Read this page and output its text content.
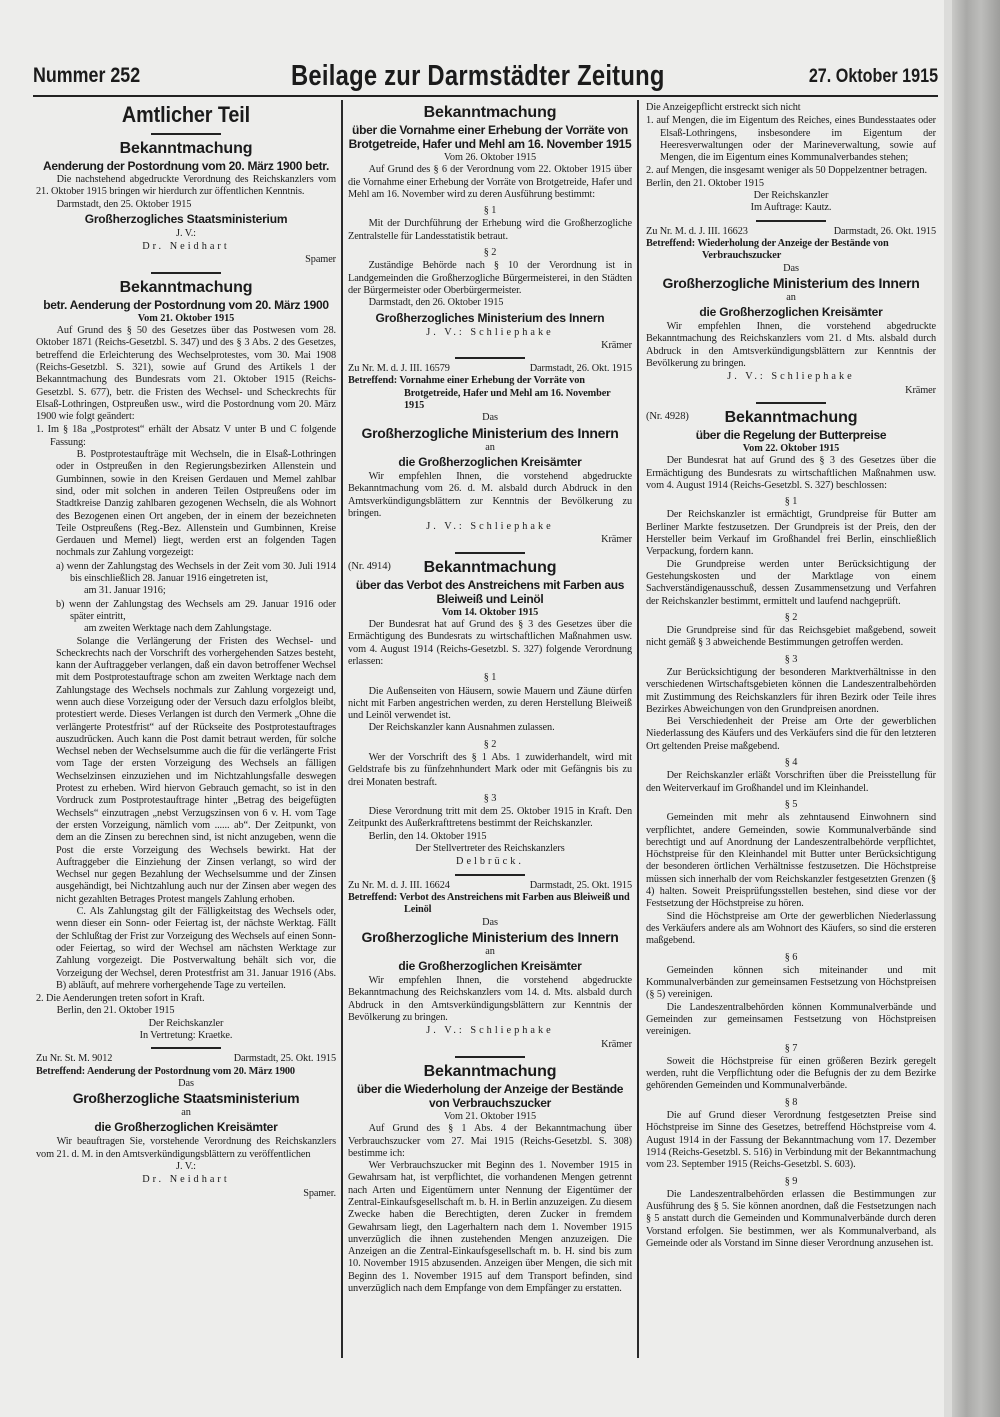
Nummer 252	Beilage zur Darmstädter Zeitung	27. Oktober 1915
Amtlicher Teil
Bekanntmachung
Aenderung der Postordnung vom 20. März 1900 betr.
Die nachstehend abgedruckte Verordnung des Reichskanzlers vom 21. Oktober 1915 bringen wir hierdurch zur öffentlichen Kenntnis.
Darmstadt, den 25. Oktober 1915
Großherzogliches Staatsministerium
J. V.:
Dr. Neidhart
Spamer
Bekanntmachung
betr. Aenderung der Postordnung vom 20. März 1900
Vom 21. Oktober 1915
Auf Grund des § 50 des Gesetzes über das Postwesen vom 28. Oktober 1871 (Reichs-Gesetzbl. S. 347) und des § 3 Abs. 2 des Gesetzes, betreffend die Erleichterung des Wechselprotestes, vom 30. Mai 1908 (Reichs-Gesetzbl. S. 321), sowie auf Grund des Artikels 1 der Bekanntmachung des Bundesrats vom 21. Oktober 1915 (Reichs-Gesetzbl. S. 677), betr. die Fristen des Wechsel- und Scheckrechts für Elsaß-Lothringen, Ostpreußen usw., wird die Postordnung vom 20. März 1900 wie folgt geändert:
1. Im § 18a „Postprotest“ erhält der Absatz V unter B und C folgende Fassung:
B. Postprotestaufträge mit Wechseln, die in Elsaß-Lothringen oder in Ostpreußen in den Regierungsbezirken Allenstein und Gumbinnen, sowie in den Kreisen Gerdauen und Memel zahlbar sind, oder mit solchen in anderen Teilen Ostpreußens oder im Stadtkreise Danzig zahlbaren gezogenen Wechseln, die als Wohnort des Bezogenen einen Ort angeben, der in einem der bezeichneten Teile Ostpreußens (Reg.-Bez. Allenstein und Gumbinnen, Kreise Gerdauen und Memel) liegt, werden erst an folgenden Tagen nochmals zur Zahlung vorgezeigt:
a) wenn der Zahlungstag des Wechsels in der Zeit vom 30. Juli 1914 bis einschließlich 28. Januar 1916 eingetreten ist,
am 31. Januar 1916;
b) wenn der Zahlungstag des Wechsels am 29. Januar 1916 oder später eintritt,
am zweiten Werktage nach dem Zahlungstage.
Solange die Verlängerung der Fristen des Wechsel- und Scheckrechts nach der Vorschrift des vorhergehenden Satzes besteht, kann der Auftraggeber verlangen, daß ein davon betroffener Wechsel mit dem Postprotestauftrage schon am zweiten Werktage nach dem Zahlungstage des Wechsels nochmals zur Zahlung vorgezeigt und, wenn auch diese Vorzeigung oder der Versuch dazu erfolglos bleibt, protestiert werde. Dieses Verlangen ist durch den Vermerk „Ohne die verlängerte Protestfrist“ auf der Rückseite des Postprotestauftrages auszudrücken. Auch kann die Post damit betraut werden, für solche Wechsel neben der Wechselsumme auch die für die verlängerte Frist vom Tage der ersten Vorzeigung des Wechsels an fälligen Wechselzinsen einzuziehen und im Nichtzahlungsfalle deswegen Protest zu erheben. Wird hiervon Gebrauch gemacht, so ist in den Vordruck zum Postprotestauftrage hinter „Betrag des beigefügten Wechsels“ einzutragen „nebst Verzugszinsen von 6 v. H. vom Tage der ersten Vorzeigung, nämlich vom ...... ab“. Der Zeitpunkt, von dem an die Zinsen zu berechnen sind, ist nicht anzugeben, wenn die Post die erste Vorzeigung des Wechsels bewirkt. Hat der Auftraggeber die Einziehung der Zinsen verlangt, so wird der Wechsel nur gegen Bezahlung der Wechselsumme und der Zinsen ausgehändigt, bei Nichtzahlung auch nur der Zinsen aber wegen des nicht gezahlten Betrages Protest mangels Zahlung erhoben.
C. Als Zahlungstag gilt der Fälligkeitstag des Wechsels oder, wenn dieser ein Sonn- oder Feiertag ist, der nächste Werktag. Fällt der Schlußtag der Frist zur Vorzeigung des Wechsels auf einen Sonn- oder Feiertag, so wird der Wechsel am nächsten Werktage zur Zahlung vorgezeigt. Die Postverwaltung behält sich vor, die Vorzeigung der Wechsel, deren Protestfrist am 31. Januar 1916 (Abs. B) abläuft, auf mehrere vorhergehende Tage zu verteilen.
2. Die Aenderungen treten sofort in Kraft.
Berlin, den 21. Oktober 1915
Der Reichskanzler
In Vertretung: Kraetke.
Zu Nr. St. M. 9012	Darmstadt, 25. Okt. 1915
Betreffend: Aenderung der Postordnung vom 20. März 1900
Das
Großherzogliche Staatsministerium
an
die Großherzoglichen Kreisämter
Wir beauftragen Sie, vorstehende Verordnung des Reichskanzlers vom 21. d. M. in den Amtsverkündigungsblättern zu veröffentlichen
J. V.:
Dr. Neidhart
Spamer.
Bekanntmachung
über die Vornahme einer Erhebung der Vorräte von Brotgetreide, Hafer und Mehl am 16. November 1915
Vom 26. Oktober 1915
Auf Grund des § 6 der Verordnung vom 22. Oktober 1915 über die Vornahme einer Erhebung der Vorräte von Brotgetreide, Hafer und Mehl am 16. November wird zu deren Ausführung bestimmt:
§ 1
Mit der Durchführung der Erhebung wird die Großherzogliche Zentralstelle für Landesstatistik betraut.
§ 2
Zuständige Behörde nach § 10 der Verordnung ist in Landgemeinden die Großherzogliche Bürgermeisterei, in den Städten der Bürgermeister oder Oberbürgermeister.
Darmstadt, den 26. Oktober 1915
Großherzogliches Ministerium des Innern
J. V.: Schliephake
Krämer
Zu Nr. M. d. J. III. 16579	Darmstadt, 26. Okt. 1915
Betreffend: Vornahme einer Erhebung der Vorräte von Brotgetreide, Hafer und Mehl am 16. November 1915
Das
Großherzogliche Ministerium des Innern
an
die Großherzoglichen Kreisämter
Wir empfehlen Ihnen, die vorstehend abgedruckte Bekanntmachung vom 26. d. M. alsbald durch Abdruck in den Amtsverkündigungsblättern zur Kenntnis der Bevölkerung zu bringen.
J. V.: Schliephake
Krämer
(Nr. 4914) Bekanntmachung
über das Verbot des Anstreichens mit Farben aus Bleiweiß und Leinöl
Vom 14. Oktober 1915
Der Bundesrat hat auf Grund des § 3 des Gesetzes über die Ermächtigung des Bundesrats zu wirtschaftlichen Maßnahmen usw. vom 4. August 1914 (Reichs-Gesetzbl. S. 327) folgende Verordnung erlassen:
§ 1
Die Außenseiten von Häusern, sowie Mauern und Zäune dürfen nicht mit Farben angestrichen werden, zu deren Herstellung Bleiweiß und Leinöl verwendet ist.
Der Reichskanzler kann Ausnahmen zulassen.
§ 2
Wer der Vorschrift des § 1 Abs. 1 zuwiderhandelt, wird mit Geldstrafe bis zu fünfzehnhundert Mark oder mit Gefängnis bis zu drei Monaten bestraft.
§ 3
Diese Verordnung tritt mit dem 25. Oktober 1915 in Kraft. Den Zeitpunkt des Außerkrafttretens bestimmt der Reichskanzler.
Berlin, den 14. Oktober 1915
Der Stellvertreter des Reichskanzlers
Delbrück.
Zu Nr. M. d. J. III. 16624	Darmstadt, 25. Okt. 1915
Betreffend: Verbot des Anstreichens mit Farben aus Bleiweiß und Leinöl
Das
Großherzogliche Ministerium des Innern
an
die Großherzoglichen Kreisämter
Wir empfehlen Ihnen, die vorstehend abgedruckte Bekanntmachung des Reichskanzlers vom 14. d. Mts. alsbald durch Abdruck in den Amtsverkündigungsblättern zur Kenntnis der Bevölkerung zu bringen.
J. V.: Schliephake
Krämer
Bekanntmachung
über die Wiederholung der Anzeige der Bestände von Verbrauchszucker
Vom 21. Oktober 1915
Auf Grund des § 1 Abs. 4 der Bekanntmachung über Verbrauchszucker vom 27. Mai 1915 (Reichs-Gesetzbl. S. 308) bestimme ich:
Wer Verbrauchszucker mit Beginn des 1. November 1915 in Gewahrsam hat, ist verpflichtet, die vorhandenen Mengen getrennt nach Arten und Eigentümern unter Nennung der Eigentümer der Zentral-Einkaufsgesellschaft m. b. H. in Berlin anzuzeigen. Zu diesem Zwecke haben die Berechtigten, deren Zucker in fremdem Gewahrsam liegt, den Lagerhaltern nach dem 1. November 1915 unverzüglich die ihnen zustehenden Mengen anzuzeigen. Die Anzeigen an die Zentral-Einkaufsgesellschaft m. b. H. sind bis zum 10. November 1915 abzusenden. Anzeigen über Mengen, die sich mit Beginn des 1. November 1915 auf dem Transport befinden, sind unverzüglich nach dem Empfange von dem Empfänger zu erstatten.
Die Anzeigepflicht erstreckt sich nicht
1. auf Mengen, die im Eigentum des Reiches, eines Bundesstaates oder Elsaß-Lothringens, insbesondere im Eigentum der Heeresverwaltungen oder der Marineverwaltung, sowie auf Mengen, die im Eigentum eines Kommunalverbandes stehen;
2. auf Mengen, die insgesamt weniger als 50 Doppelzentner betragen.
Berlin, den 21. Oktober 1915
Der Reichskanzler
Im Auftrage: Kautz.
Zu Nr. M. d. J. III. 16623	Darmstadt, 26. Okt. 1915
Betreffend: Wiederholung der Anzeige der Bestände von Verbrauchszucker
Das
Großherzogliche Ministerium des Innern
an
die Großherzoglichen Kreisämter
Wir empfehlen Ihnen, die vorstehend abgedruckte Bekanntmachung des Reichskanzlers vom 21. d Mts. alsbald durch Abdruck in den Amtsverkündigungsblättern zur Kenntnis der Bevölkerung zu bringen.
J. V.: Schliephake
Krämer
(Nr. 4928) Bekanntmachung
über die Regelung der Butterpreise
Vom 22. Oktober 1915
Der Bundesrat hat auf Grund des § 3 des Gesetzes über die Ermächtigung des Bundesrats zu wirtschaftlichen Maßnahmen usw. vom 4. August 1914 (Reichs-Gesetzbl. S. 327) beschlossen:
§ 1
Der Reichskanzler ist ermächtigt, Grundpreise für Butter am Berliner Markte festzusetzen. Der Grundpreis ist der Preis, den der Hersteller beim Verkauf im Großhandel frei Berlin, einschließlich Verpackung, fordern kann.
Die Grundpreise werden unter Berücksichtigung der Gestehungskosten und der Marktlage von einem Sachverständigenausschuß, dessen Zusammensetzung und Verfahren der Reichskanzler bestimmt, ermittelt und laufend nachgeprüft.
§ 2
Die Grundpreise sind für das Reichsgebiet maßgebend, soweit nicht gemäß § 3 abweichende Bestimmungen getroffen werden.
§ 3
Zur Berücksichtigung der besonderen Marktverhältnisse in den verschiedenen Wirtschaftsgebieten können die Landeszentralbehörden mit Zustimmung des Reichskanzlers für ihren Bezirk oder Teile ihres Bezirkes Abweichungen von den Grundpreisen anordnen.
Bei Verschiedenheit der Preise am Orte der gewerblichen Niederlassung des Käufers und des Verkäufers sind die für den letzteren Ort geltenden Preise maßgebend.
§ 4
Der Reichskanzler erläßt Vorschriften über die Preisstellung für den Weiterverkauf im Großhandel und im Kleinhandel.
§ 5
Gemeinden mit mehr als zehntausend Einwohnern sind verpflichtet, andere Gemeinden, sowie Kommunalverbände sind berechtigt und auf Anordnung der Landeszentralbehörde verpflichtet, Höchstpreise für den Kleinhandel mit Butter unter Berücksichtigung der besonderen örtlichen Verhältnisse festzusetzen. Die Höchstpreise müssen sich innerhalb der vom Reichskanzler festgesetzten Grenzen (§ 4) halten. Soweit Preisprüfungsstellen bestehen, sind diese vor der Festsetzung der Höchstpreise zu hören.
Sind die Höchstpreise am Orte der gewerblichen Niederlassung des Verkäufers andere als am Wohnort des Käufers, so sind die ersteren maßgebend.
§ 6
Gemeinden können sich miteinander und mit Kommunalverbänden zur gemeinsamen Festsetzung von Höchstpreisen (§ 5) vereinigen.
Die Landeszentralbehörden können Kommunalverbände und Gemeinden zur gemeinsamen Festsetzung von Höchstpreisen vereinigen.
§ 7
Soweit die Höchstpreise für einen größeren Bezirk geregelt werden, ruht die Verpflichtung oder die Befugnis der zu dem Bezirke gehörenden Gemeinden und Kommunalverbände.
§ 8
Die auf Grund dieser Verordnung festgesetzten Preise sind Höchstpreise im Sinne des Gesetzes, betreffend Höchstpreise vom 4. August 1914 in der Fassung der Bekanntmachung vom 17. Dezember 1914 (Reichs-Gesetzbl. S. 516) in Verbindung mit der Bekanntmachung vom 23. September 1915 (Reichs-Gesetzbl. S. 603).
§ 9
Die Landeszentralbehörden erlassen die Bestimmungen zur Ausführung des § 5. Sie können anordnen, daß die Festsetzungen nach § 5 anstatt durch die Gemeinden und Kommunalverbände durch deren Vorstand erfolgen. Sie bestimmen, wer als Kommunalverband, als Gemeinde oder als Vorstand im Sinne dieser Verordnung anzusehen ist.
